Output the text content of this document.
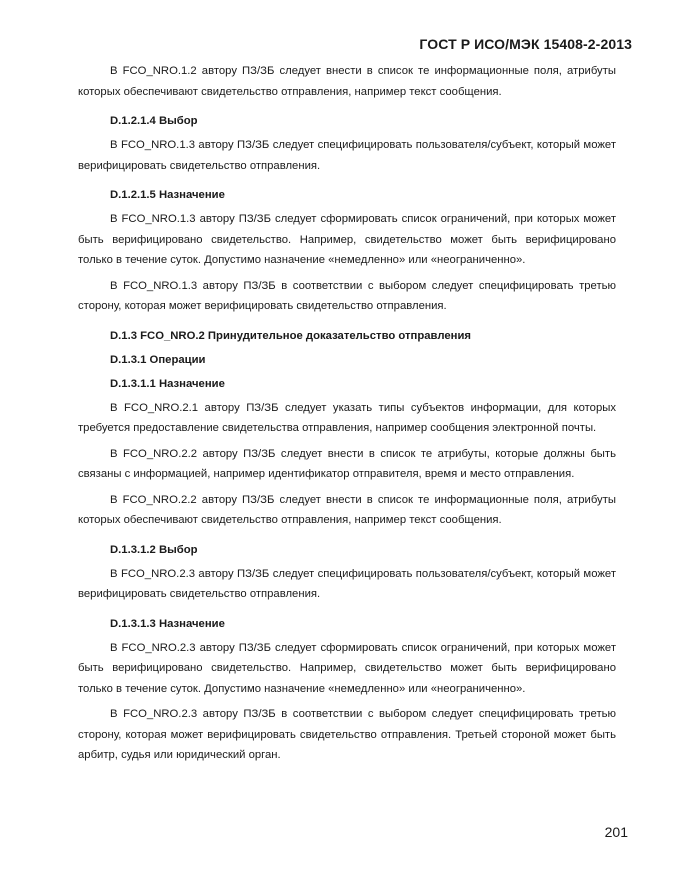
ГОСТ Р ИСО/МЭК 15408-2-2013

В FCO_NRO.1.2 автору ПЗ/ЗБ следует внести в список те информационные поля, атрибуты которых обеспечивают свидетельство отправления, например текст сообщения.

D.1.2.1.4 Выбор

В FCO_NRO.1.3 автору ПЗ/ЗБ следует специфицировать пользователя/субъект, который может верифицировать свидетельство отправления.

D.1.2.1.5 Назначение

В FCO_NRO.1.3 автору ПЗ/ЗБ следует сформировать список ограничений, при которых может быть верифицировано свидетельство. Например, свидетельство может быть верифицировано только в течение суток. Допустимо назначение «немедленно» или «неограниченно».

В FCO_NRO.1.3 автору ПЗ/ЗБ в соответствии с выбором следует специфицировать третью сторону, которая может верифицировать свидетельство отправления.

D.1.3 FCO_NRO.2 Принудительное доказательство отправления
D.1.3.1 Операции
D.1.3.1.1 Назначение

В FCO_NRO.2.1 автору ПЗ/ЗБ следует указать типы субъектов информации, для которых требуется предоставление свидетельства отправления, например сообщения электронной почты.

В FCO_NRO.2.2 автору ПЗ/ЗБ следует внести в список те атрибуты, которые должны быть связаны с информацией, например идентификатор отправителя, время и место отправления.

В FCO_NRO.2.2 автору ПЗ/ЗБ следует внести в список те информационные поля, атрибуты которых обеспечивают свидетельство отправления, например текст сообщения.

D.1.3.1.2 Выбор

В FCO_NRO.2.3 автору ПЗ/ЗБ следует специфицировать пользователя/субъект, который может верифицировать свидетельство отправления.

D.1.3.1.3 Назначение

В FCO_NRO.2.3 автору ПЗ/ЗБ следует сформировать список ограничений, при которых может быть верифицировано свидетельство. Например, свидетельство может быть верифицировано только в течение суток. Допустимо назначение «немедленно» или «неограниченно».

В FCO_NRO.2.3 автору ПЗ/ЗБ в соответствии с выбором следует специфицировать третью сторону, которая может верифицировать свидетельство отправления. Третьей стороной может быть арбитр, судья или юридический орган.

201
